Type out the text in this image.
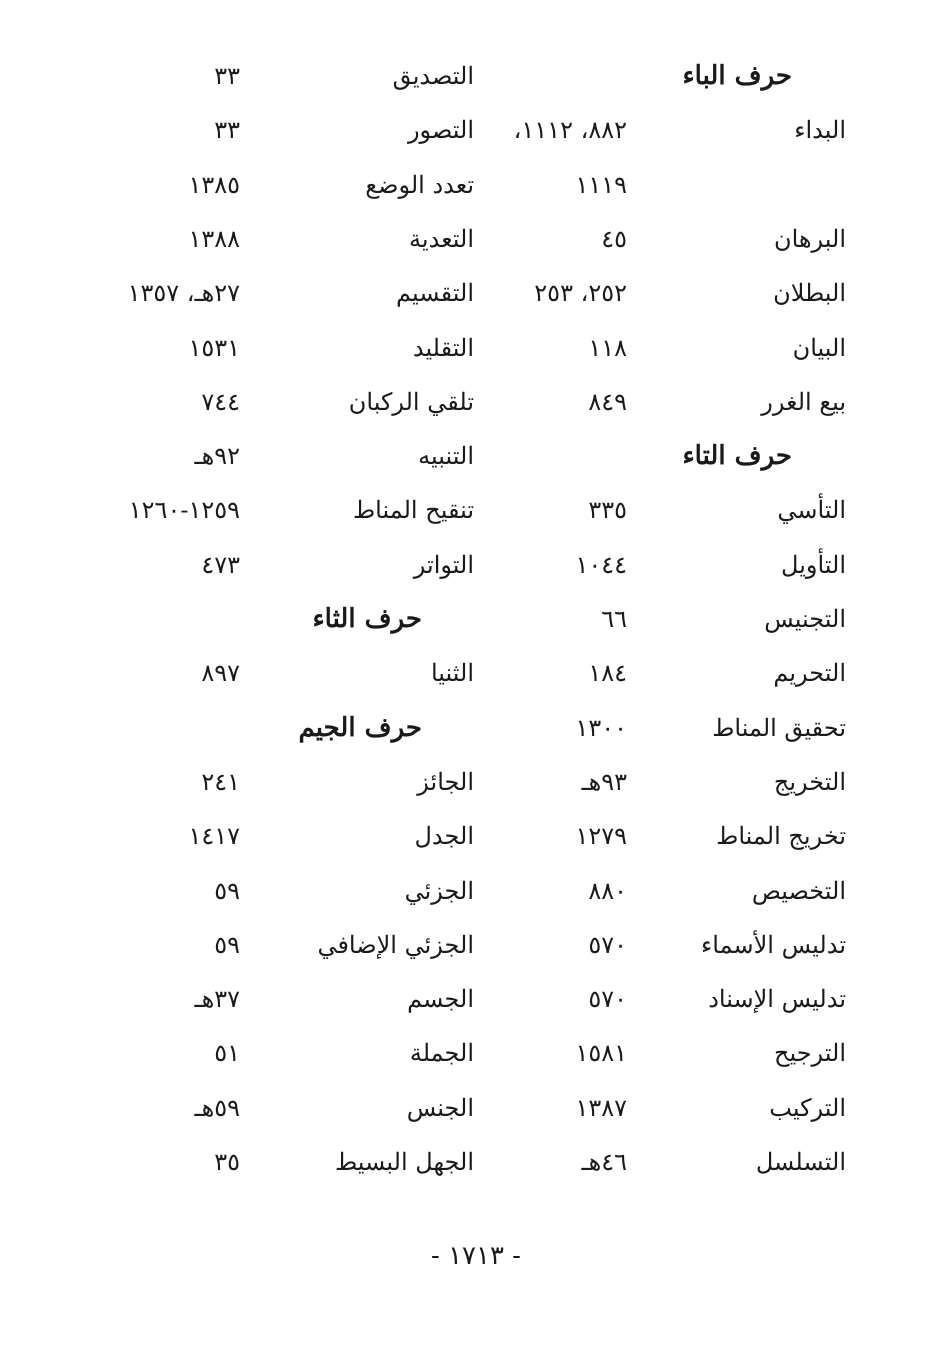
حرف الباء
البداء
٨٨٢، ١١١٢،
١١١٩
البرهان
٤٥
البطلان
٢٥٢، ٢٥٣
البيان
١١٨
بيع الغرر
٨٤٩
حرف التاء
التأسي
٣٣٥
التأويل
١٠٤٤
التجنيس
٦٦
التحريم
١٨٤
تحقيق المناط
١٣٠٠
التخريج
٩٣هـ
تخريج المناط
١٢٧٩
التخصيص
٨٨٠
تدليس الأسماء
٥٧٠
تدليس الإسناد
٥٧٠
الترجيح
١٥٨١
التركيب
١٣٨٧
التسلسل
٤٦هـ
التصديق
٣٣
التصور
٣٣
تعدد الوضع
١٣٨٥
التعدية
١٣٨٨
التقسيم
٢٧هـ، ١٣٥٧
التقليد
١٥٣١
تلقي الركبان
٧٤٤
التنبيه
٩٢هـ
تنقيح المناط
١٢٥٩-١٢٦٠
التواتر
٤٧٣
حرف الثاء
الثنيا
٨٩٧
حرف الجيم
الجائز
٢٤١
الجدل
١٤١٧
الجزئي
٥٩
الجزئي الإضافي
٥٩
الجسم
٣٧هـ
الجملة
٥١
الجنس
٥٩هـ
الجهل البسيط
٣٥
- ١٧١٣ -
